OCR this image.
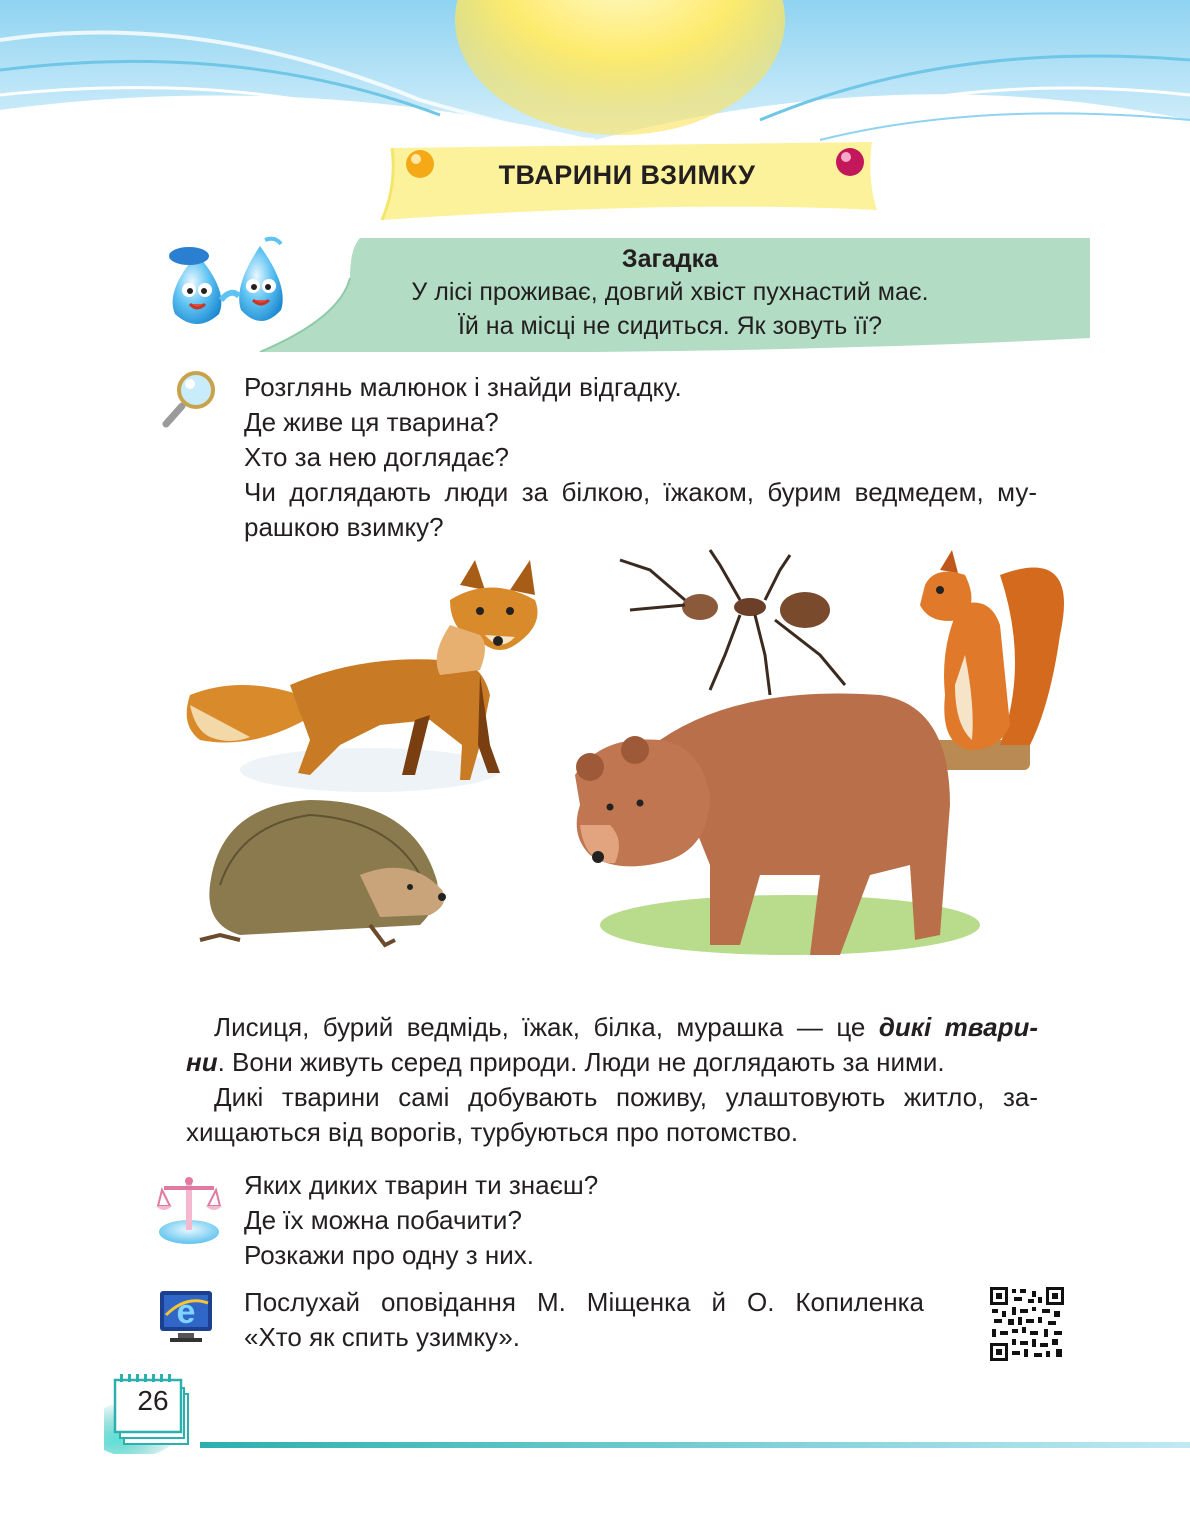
ТВАРИНИ ВЗИМКУ
Загадка
У лісі проживає, довгий хвіст пухнастий має.
Їй на місці не сидиться. Як зовуть її?
Розглянь малюнок і знайди відгадку.
Де живе ця тварина?
Хто за нею доглядає?
Чи доглядають люди за білкою, їжаком, бурим ведмедем, му-
рашкою взимку?
Лисиця, бурий ведмідь, їжак, білка, мурашка — це дикі твари-
ни. Вони живуть серед природи. Люди не доглядають за ними.
Дикі тварини самі добувають поживу, улаштовують житло, за-
хищаються від ворогів, турбуються про потомство.
Яких диких тварин ти знаєш?
Де їх можна побачити?
Розкажи про одну з них.
e Послухай оповідання М. Міщенка й О. Копиленка
«Хто як спить узимку».
26
